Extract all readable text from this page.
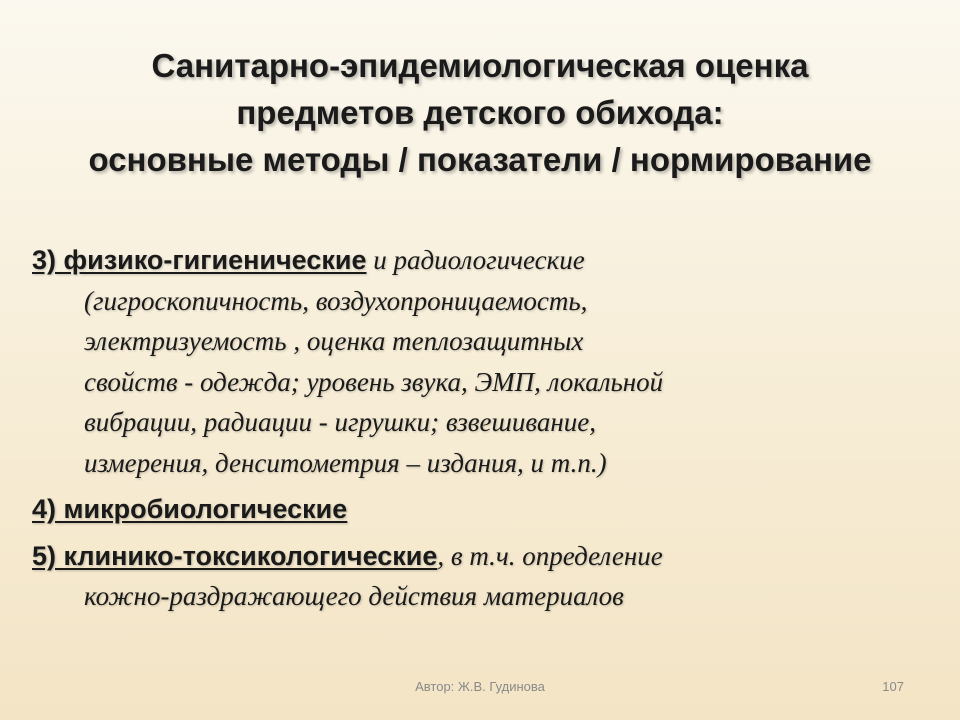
Санитарно-эпидемиологическая оценка
предметов детского обихода:
основные методы / показатели / нормирование
3) физико-гигиенические и радиологические
(гигроскопичность, воздухопроницаемость,
электризуемость , оценка теплозащитных
свойств - одежда; уровень звука, ЭМП, локальной
вибрации, радиации - игрушки; взвешивание,
измерения, денситометрия – издания, и т.п.)
4) микробиологические
5) клинико-токсикологические, в т.ч. определение
кожно-раздражающего действия материалов
Автор: Ж.В. Гудинова	107
